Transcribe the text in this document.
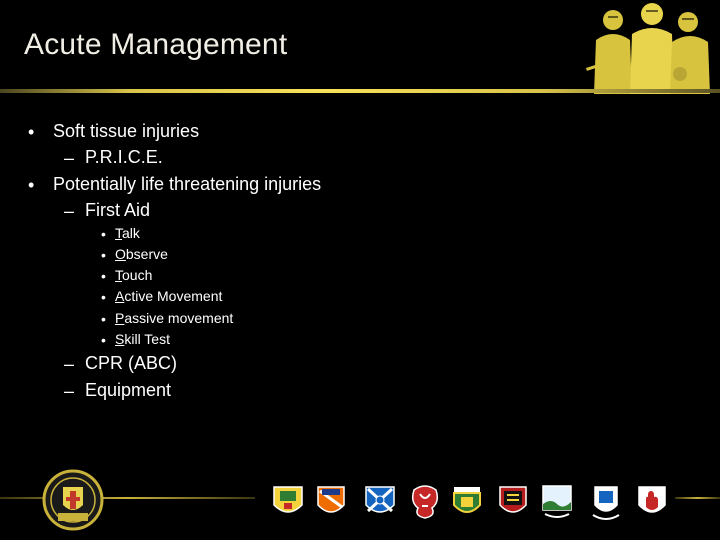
Acute Management
• Soft tissue injuries
– P.R.I.C.E.
• Potentially life threatening injuries
– First Aid
• Talk
• Observe
• Touch
• Active Movement
• Passive movement
• Skill Test
– CPR (ABC)
– Equipment
